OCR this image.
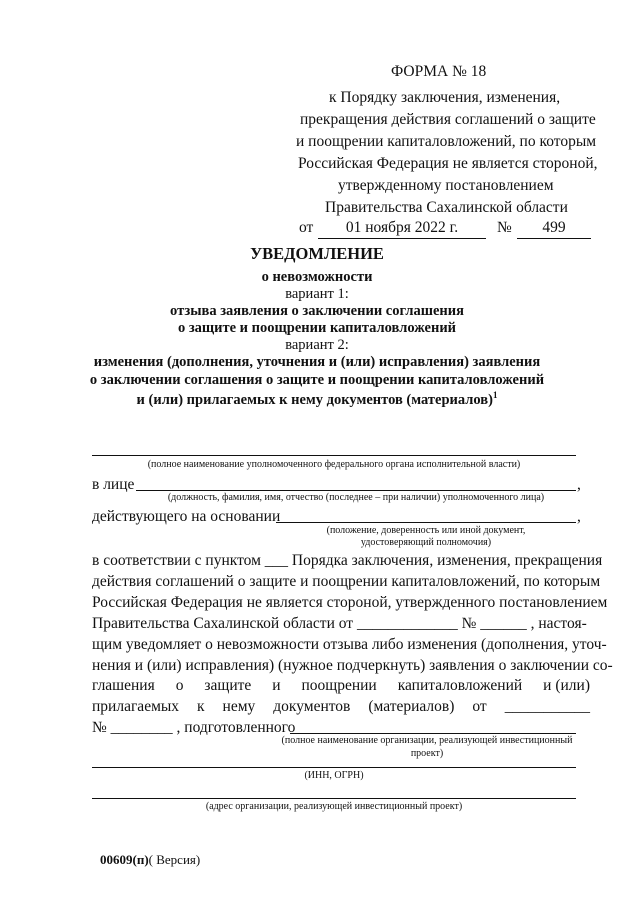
ФОРМА № 18
к Порядку заключения, изменения,
прекращения действия соглашений о защите
и поощрении капиталовложений, по которым
Российская Федерация не является стороной,
утвержденному постановлением
Правительства Сахалинской области
от	01 ноября 2022 г.	№	499
УВЕДОМЛЕНИЕ
о невозможности
вариант 1:
отзыва заявления о заключении соглашения
о защите и поощрении капиталовложений
вариант 2:
изменения (дополнения, уточнения и (или) исправления) заявления
о заключении соглашения о защите и поощрении капиталовложений
и (или) прилагаемых к нему документов (материалов)$^1$
(полное наименование уполномоченного федерального органа исполнительной власти)
в лице	,
(должность, фамилия, имя, отчество (последнее – при наличии) уполномоченного лица)
действующего на основании	,
(положение, доверенность или иной документ,
удостоверяющий полномочия)
в соответствии с пунктом ___ Порядка заключения, изменения, прекращения
действия соглашений о защите и поощрении капиталовложений, по которым
Российская Федерация не является стороной, утвержденного постановлением
Правительства Сахалинской области от _____________ № ______ , настоя-
щим уведомляет о невозможности отзыва либо изменения (дополнения, уточ-
нения и (или) исправления) (нужное подчеркнуть) заявления о заключении со-
глашения о защите и поощрении капиталовложений и (или)
прилагаемых к нему документов (материалов) от ___________
№ ________ , подготовленного
(полное наименование организации, реализующей инвестиционный
проект)
(ИНН, ОГРН)
(адрес организации, реализующей инвестиционный проект)
00609(п)( Версия)
